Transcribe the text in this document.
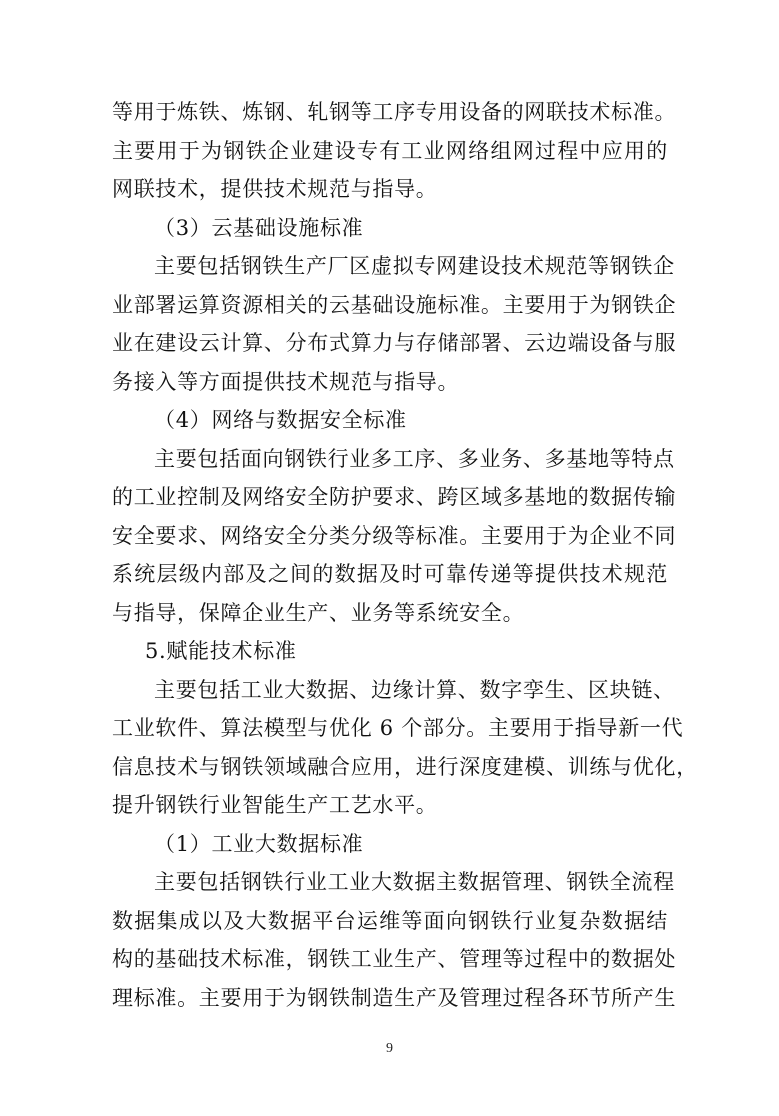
等用于炼铁、炼钢、轧钢等工序专用设备的网联技术标准。
主要用于为钢铁企业建设专有工业网络组网过程中应用的
网联技术，提供技术规范与指导。
（3）云基础设施标准
主要包括钢铁生产厂区虚拟专网建设技术规范等钢铁企
业部署运算资源相关的云基础设施标准。主要用于为钢铁企
业在建设云计算、分布式算力与存储部署、云边端设备与服
务接入等方面提供技术规范与指导。
（4）网络与数据安全标准
主要包括面向钢铁行业多工序、多业务、多基地等特点
的工业控制及网络安全防护要求、跨区域多基地的数据传输
安全要求、网络安全分类分级等标准。主要用于为企业不同
系统层级内部及之间的数据及时可靠传递等提供技术规范
与指导，保障企业生产、业务等系统安全。
5.赋能技术标准
主要包括工业大数据、边缘计算、数字孪生、区块链、
工业软件、算法模型与优化 6 个部分。主要用于指导新一代
信息技术与钢铁领域融合应用，进行深度建模、训练与优化，
提升钢铁行业智能生产工艺水平。
（1）工业大数据标准
主要包括钢铁行业工业大数据主数据管理、钢铁全流程
数据集成以及大数据平台运维等面向钢铁行业复杂数据结
构的基础技术标准，钢铁工业生产、管理等过程中的数据处
理标准。主要用于为钢铁制造生产及管理过程各环节所产生
9
